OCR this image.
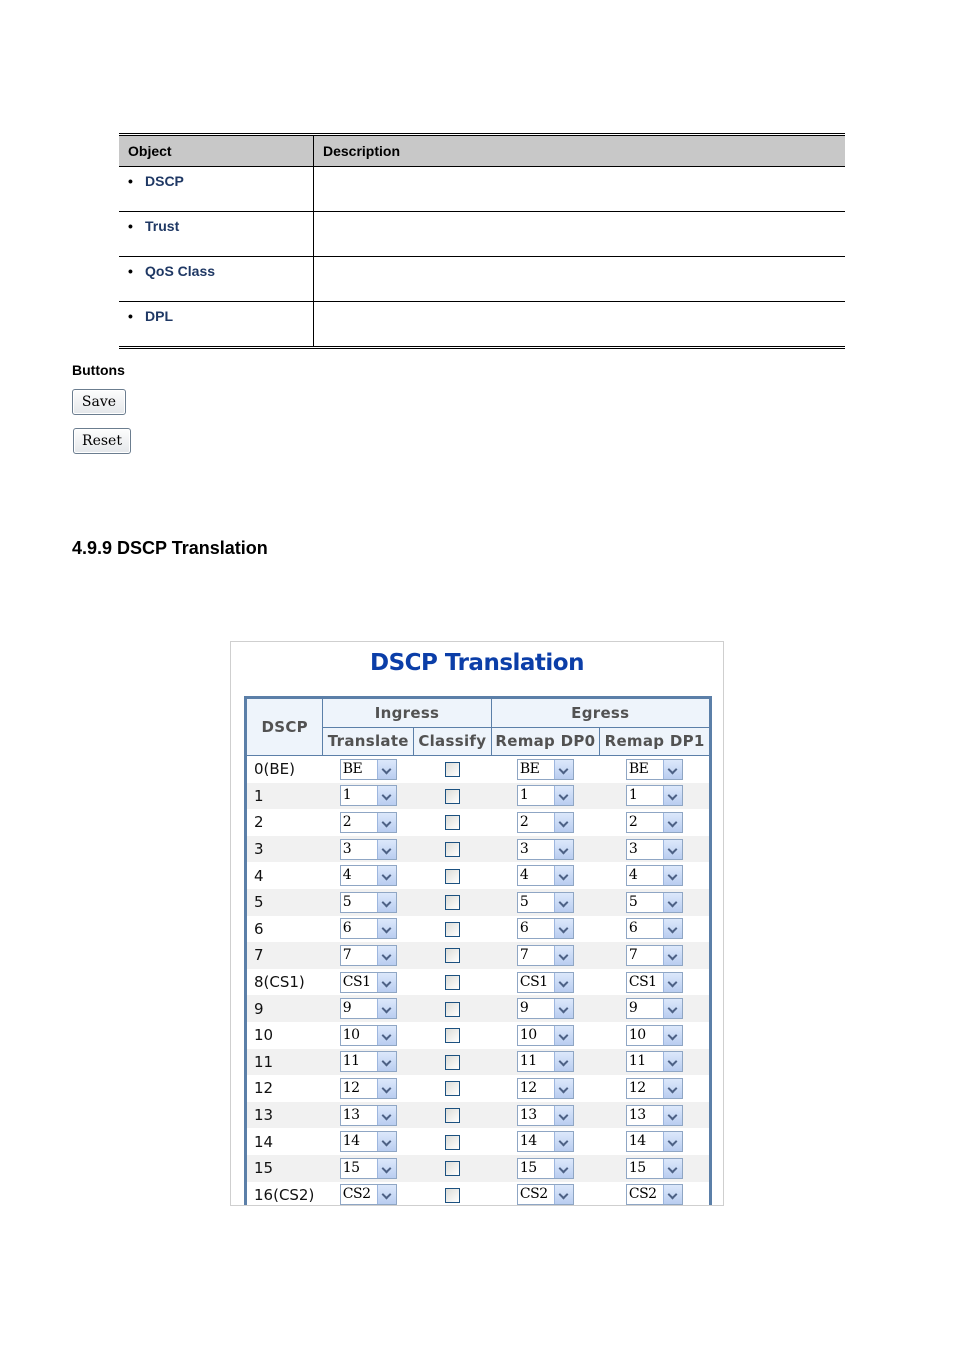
Object	Description
• DSCP	
• Trust	
• QoS Class	
• DPL	
Buttons
Save
Reset
4.9.9 DSCP Translation
DSCP Translation
DSCP	Ingress		Egress	
	Translate	Classify	Remap DP0	Remap DP1
0(BE)	BE		BE	BE

1	1		1	1

2	2		2	2

3	3		3	3

4	4		4	4

5	5		5	5

6	6		6	6

7	7		7	7

8(CS1)	CS1		CS1	CS1

9	9		9	9

10	10		10	10

11	11		11	11

12	12		12	12

13	13		13	13

14	14		14	14

15	15		15	15

16(CS2)	CS2		CS2	CS2
